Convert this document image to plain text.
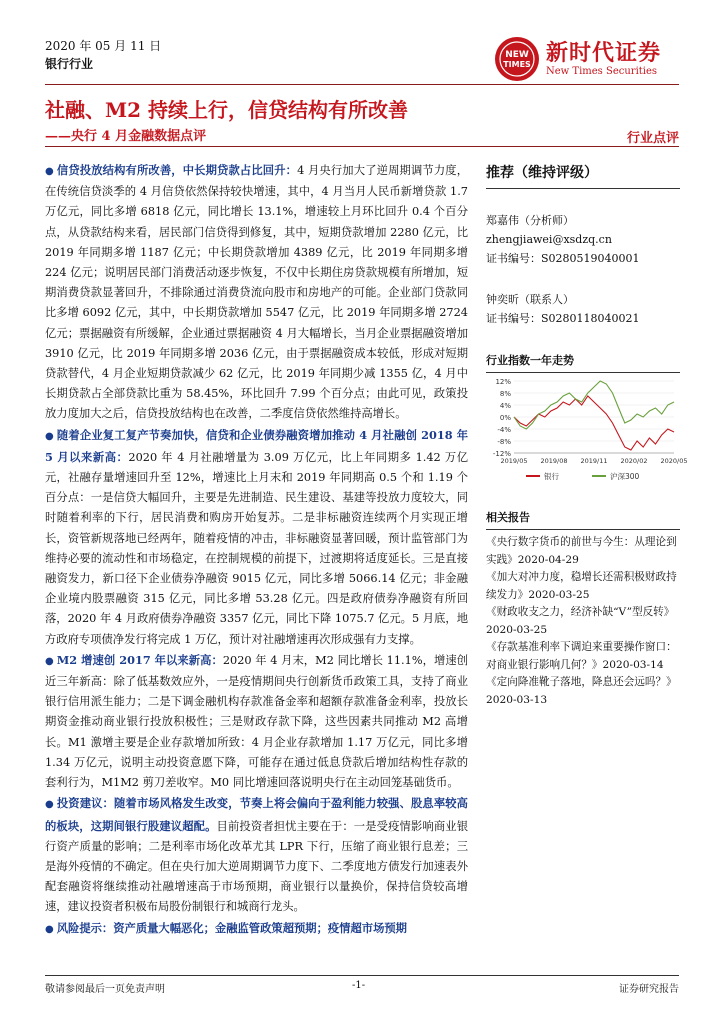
2020 年 05 月 11 日
银行行业
NEW
TIMES 新时代证券
New Times Securities
社融、M2 持续上行，信贷结构有所改善
——央行 4 月金融数据点评	行业点评

● 信贷投放结构有所改善，中长期贷款占比回升：4 月央行加大了逆周期调节力度，在传统信贷淡季的 4 月信贷依然保持较快增速，其中，4 月当月人民币新增贷款 1.7 万亿元，同比多增 6818 亿元，同比增长 13.1%，增速较上月环比回升 0.4 个百分点，从贷款结构来看，居民部门信贷得到修复，其中，短期贷款增加 2280 亿元，比 2019 年同期多增 1187 亿元；中长期贷款增加 4389 亿元，比 2019 年同期多增 224 亿元；说明居民部门消费活动逐步恢复，不仅中长期住房贷款规模有所增加，短期消费贷款显著回升，不排除通过消费贷流向股市和房地产的可能。企业部门贷款同比多增 6092 亿元，其中，中长期贷款增加 5547 亿元，比 2019 年同期多增 2724 亿元；票据融资有所缓解，企业通过票据融资 4 月大幅增长，当月企业票据融资增加 3910 亿元，比 2019 年同期多增 2036 亿元，由于票据融资成本较低，形成对短期贷款替代，4 月企业短期贷款减少 62 亿元，比 2019 年同期少减 1355 亿，4 月中长期贷款占全部贷款比重为 58.45%，环比回升 7.99 个百分点；由此可见，政策投放力度加大之后，信贷投放结构也在改善，二季度信贷依然维持高增长。

● 随着企业复工复产节奏加快，信贷和企业债券融资增加推动 4 月社融创 2018 年 5 月以来新高：2020 年 4 月社融增量为 3.09 万亿元，比上年同期多 1.42 万亿元，社融存量增速回升至 12%，增速比上月末和 2019 年同期高 0.5 个和 1.19 个百分点：一是信贷大幅回升，主要是先进制造、民生建设、基建等投放力度较大，同时随着利率的下行，居民消费和购房开始复苏。二是非标融资连续两个月实现正增长，资管新规落地已经两年，随着疫情的冲击，非标融资显著回暖，预计监管部门为维持必要的流动性和市场稳定，在控制规模的前提下，过渡期将适度延长。三是直接融资发力，新口径下企业债券净融资 9015 亿元，同比多增 5066.14 亿元；非金融企业境内股票融资 315 亿元，同比多增 53.28 亿元。四是政府债券净融资有所回落，2020 年 4 月政府债券净融资 3357 亿元，同比下降 1075.7 亿元。5 月底，地方政府专项债净发行将完成 1 万亿，预计对社融增速再次形成强有力支撑。

● M2 增速创 2017 年以来新高：2020 年 4 月末，M2 同比增长 11.1%，增速创近三年新高：除了低基数效应外，一是疫情期间央行创新货币政策工具，支持了商业银行信用派生能力；二是下调金融机构存款准备金率和超额存款准备金利率，投放长期资金推动商业银行投放积极性；三是财政存款下降，这些因素共同推动 M2 高增长。M1 激增主要是企业存款增加所致：4 月企业存款增加 1.17 万亿元，同比多增 1.34 万亿元，说明主动投资意愿下降，可能存在通过低息贷款后增加结构性存款的套利行为，M1M2 剪刀差收窄。M0 同比增速回落说明央行在主动回笼基础货币。

● 投资建议：随着市场风格发生改变，节奏上将会偏向于盈利能力较强、股息率较高的板块，这期间银行股建议超配。目前投资者担忧主要在于：一是受疫情影响商业银行资产质量的影响；二是利率市场化改革尤其 LPR 下行，压缩了商业银行息差；三是海外疫情的不确定。但在央行加大逆周期调节力度下、二季度地方债发行加速表外配套融资将继续推动社融增速高于市场预期，商业银行以量换价，保持信贷较高增速，建议投资者积极布局股份制银行和城商行龙头。

● 风险提示：资产质量大幅恶化；金融监管政策超预期；疫情超市场预期

推荐（维持评级）
郑嘉伟（分析师）
zhengjiawei@xsdzq.cn
证书编号：S0280519040001
钟奕昕（联系人）
证书编号：S0280118040021
行业指数一年走势
12%
8%
4%
0%
-4%
-8%
-12%
2019/05 2019/08 2019/11 2020/02 2020/05
银行	沪深300
相关报告
《央行数字货币的前世与今生：从理论到实践》2020-04-29
《加大对冲力度，稳增长还需积极财政持续发力》2020-03-25
《财政收支之力，经济补缺“V”型反转》2020-03-25
《存款基准利率下调迫来重要操作窗口：对商业银行影响几何？》2020-03-14
《定向降准靴子落地，降息还会远吗？》2020-03-13
敬请参阅最后一页免责声明	-1-	证券研究报告
